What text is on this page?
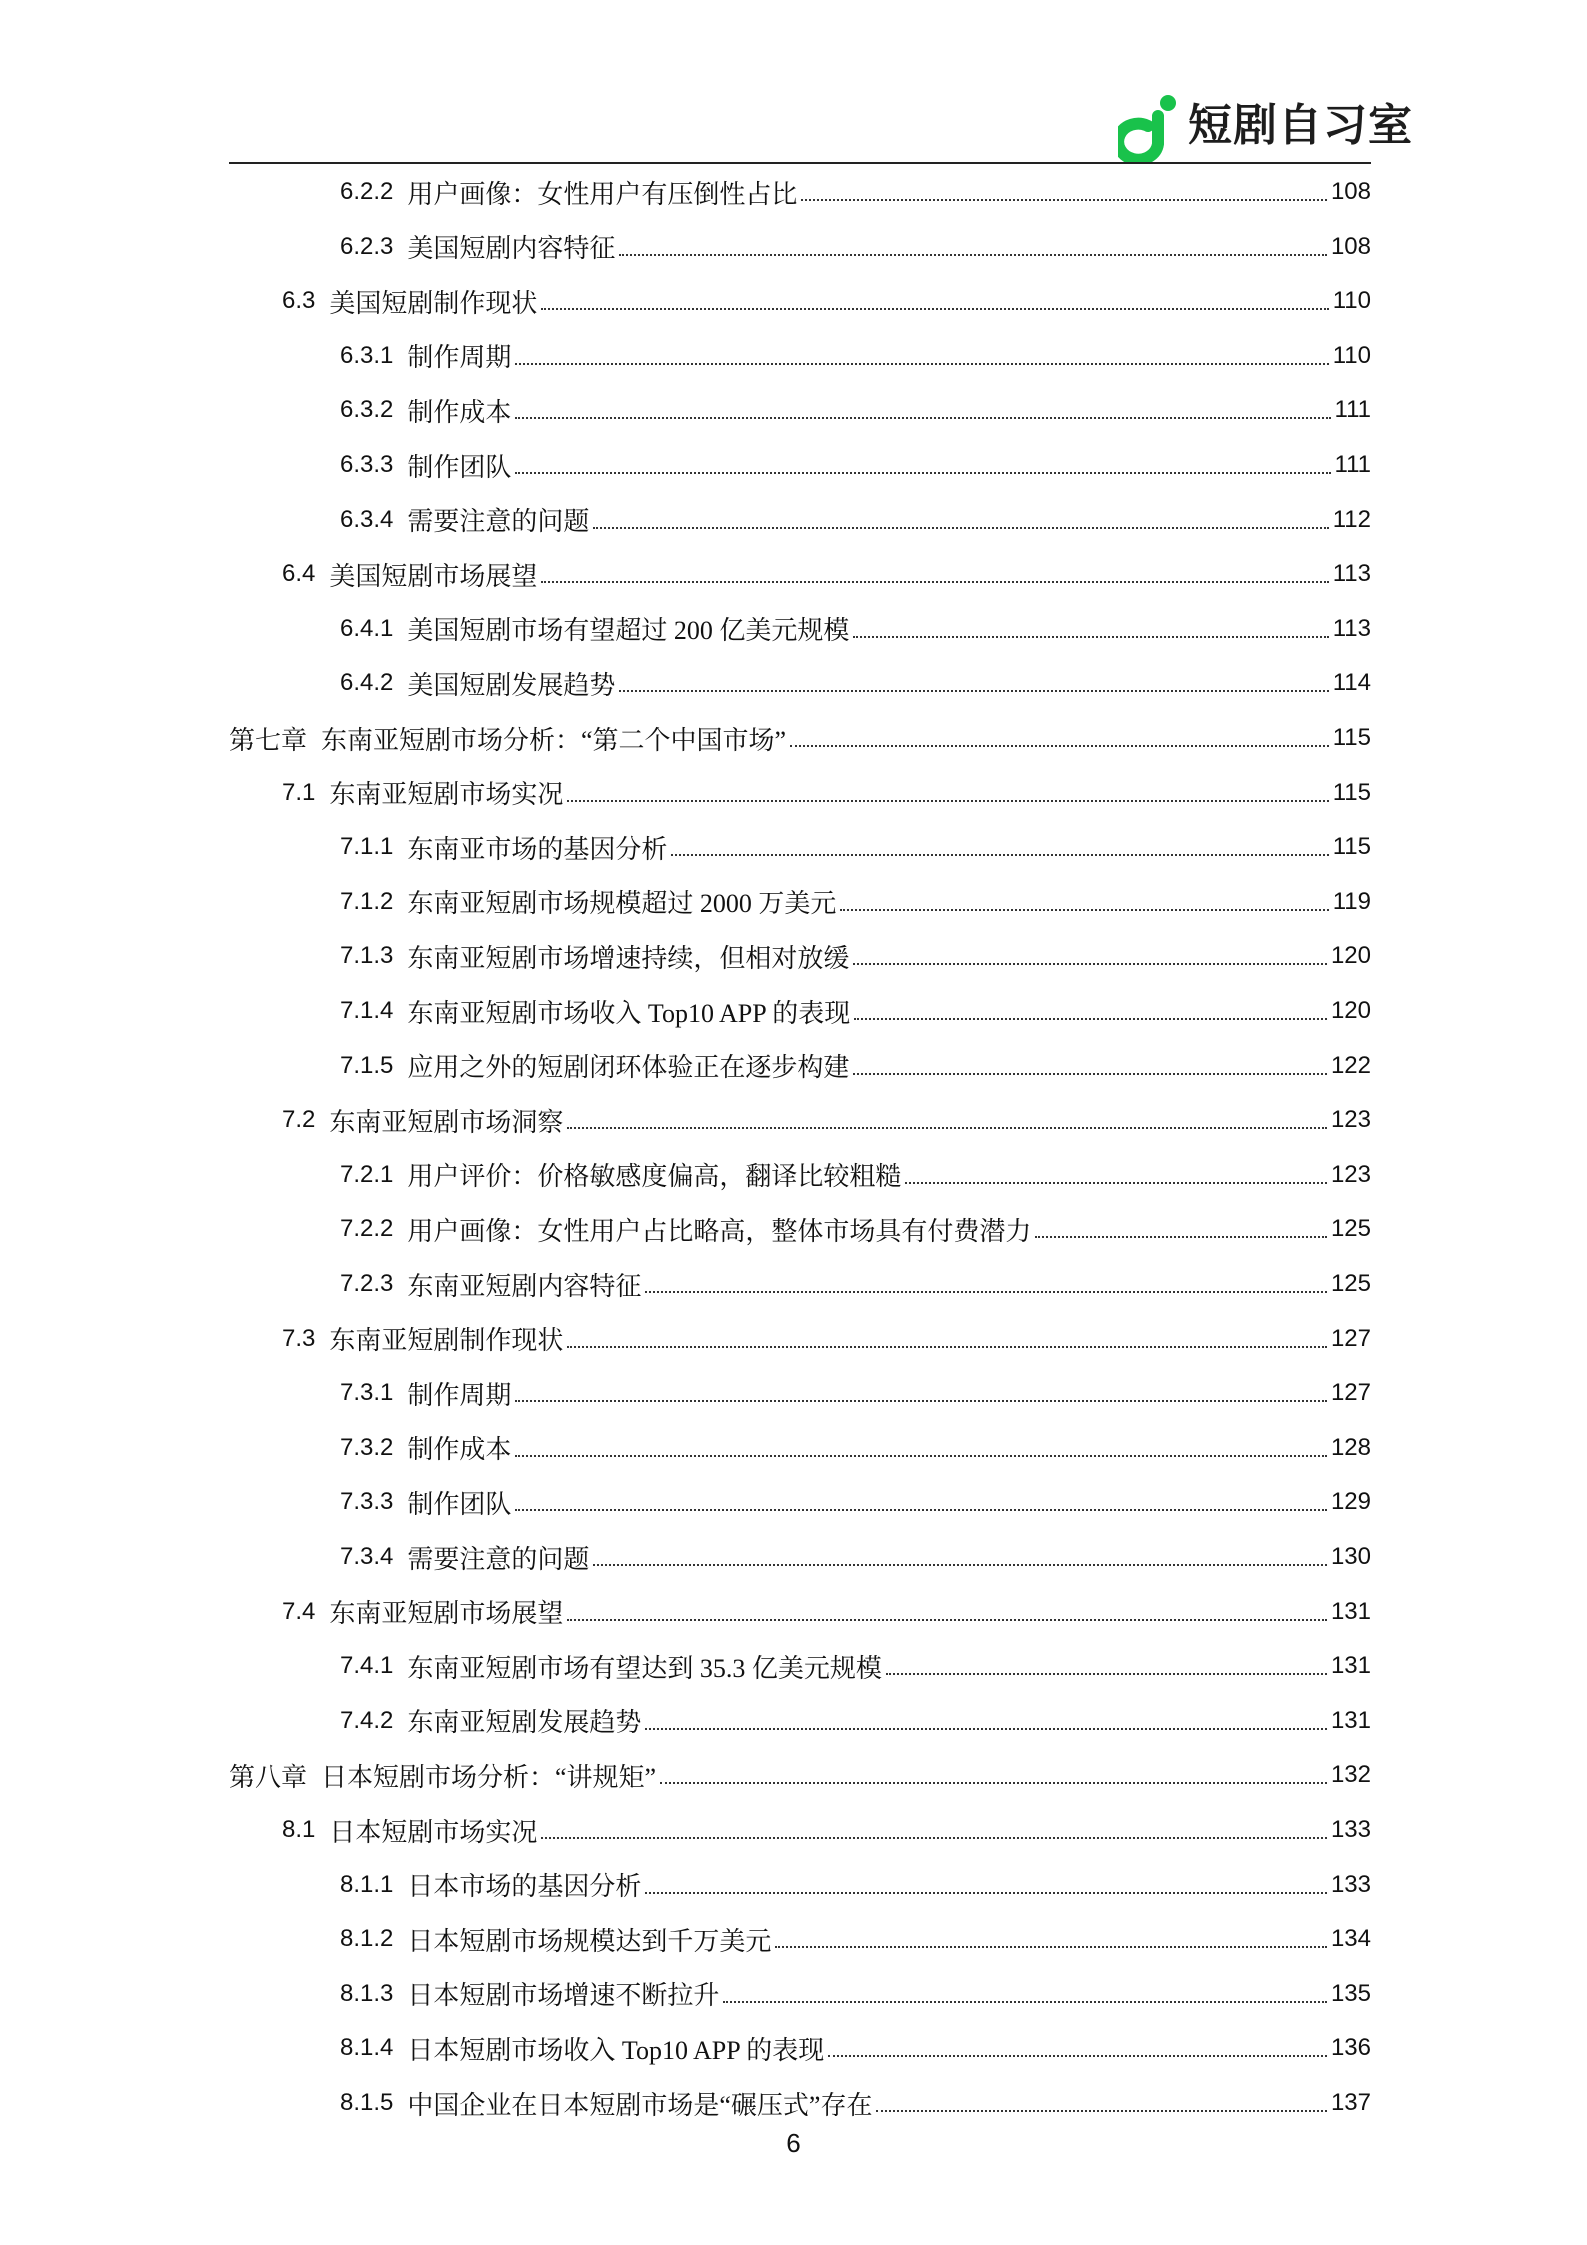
短剧自习室
6.2.2 用户画像：女性用户有压倒性占比	108
6.2.3 美国短剧内容特征	108
6.3 美国短剧制作现状	110
6.3.1 制作周期	110
6.3.2 制作成本	111
6.3.3 制作团队	111
6.3.4 需要注意的问题	112
6.4 美国短剧市场展望	113
6.4.1 美国短剧市场有望超过 200 亿美元规模	113
6.4.2 美国短剧发展趋势	114
第七章 东南亚短剧市场分析：“第二个中国市场”	115
7.1 东南亚短剧市场实况	115
7.1.1 东南亚市场的基因分析	115
7.1.2 东南亚短剧市场规模超过 2000 万美元	119
7.1.3 东南亚短剧市场增速持续，但相对放缓	120
7.1.4 东南亚短剧市场收入 Top10 APP 的表现	120
7.1.5 应用之外的短剧闭环体验正在逐步构建	122
7.2 东南亚短剧市场洞察	123
7.2.1 用户评价：价格敏感度偏高，翻译比较粗糙	123
7.2.2 用户画像：女性用户占比略高，整体市场具有付费潜力	125
7.2.3 东南亚短剧内容特征	125
7.3 东南亚短剧制作现状	127
7.3.1 制作周期	127
7.3.2 制作成本	128
7.3.3 制作团队	129
7.3.4 需要注意的问题	130
7.4 东南亚短剧市场展望	131
7.4.1 东南亚短剧市场有望达到 35.3 亿美元规模	131
7.4.2 东南亚短剧发展趋势	131
第八章 日本短剧市场分析：“讲规矩”	132
8.1 日本短剧市场实况	133
8.1.1 日本市场的基因分析	133
8.1.2 日本短剧市场规模达到千万美元	134
8.1.3 日本短剧市场增速不断拉升	135
8.1.4 日本短剧市场收入 Top10 APP 的表现	136
8.1.5 中国企业在日本短剧市场是“碾压式”存在	137
6
